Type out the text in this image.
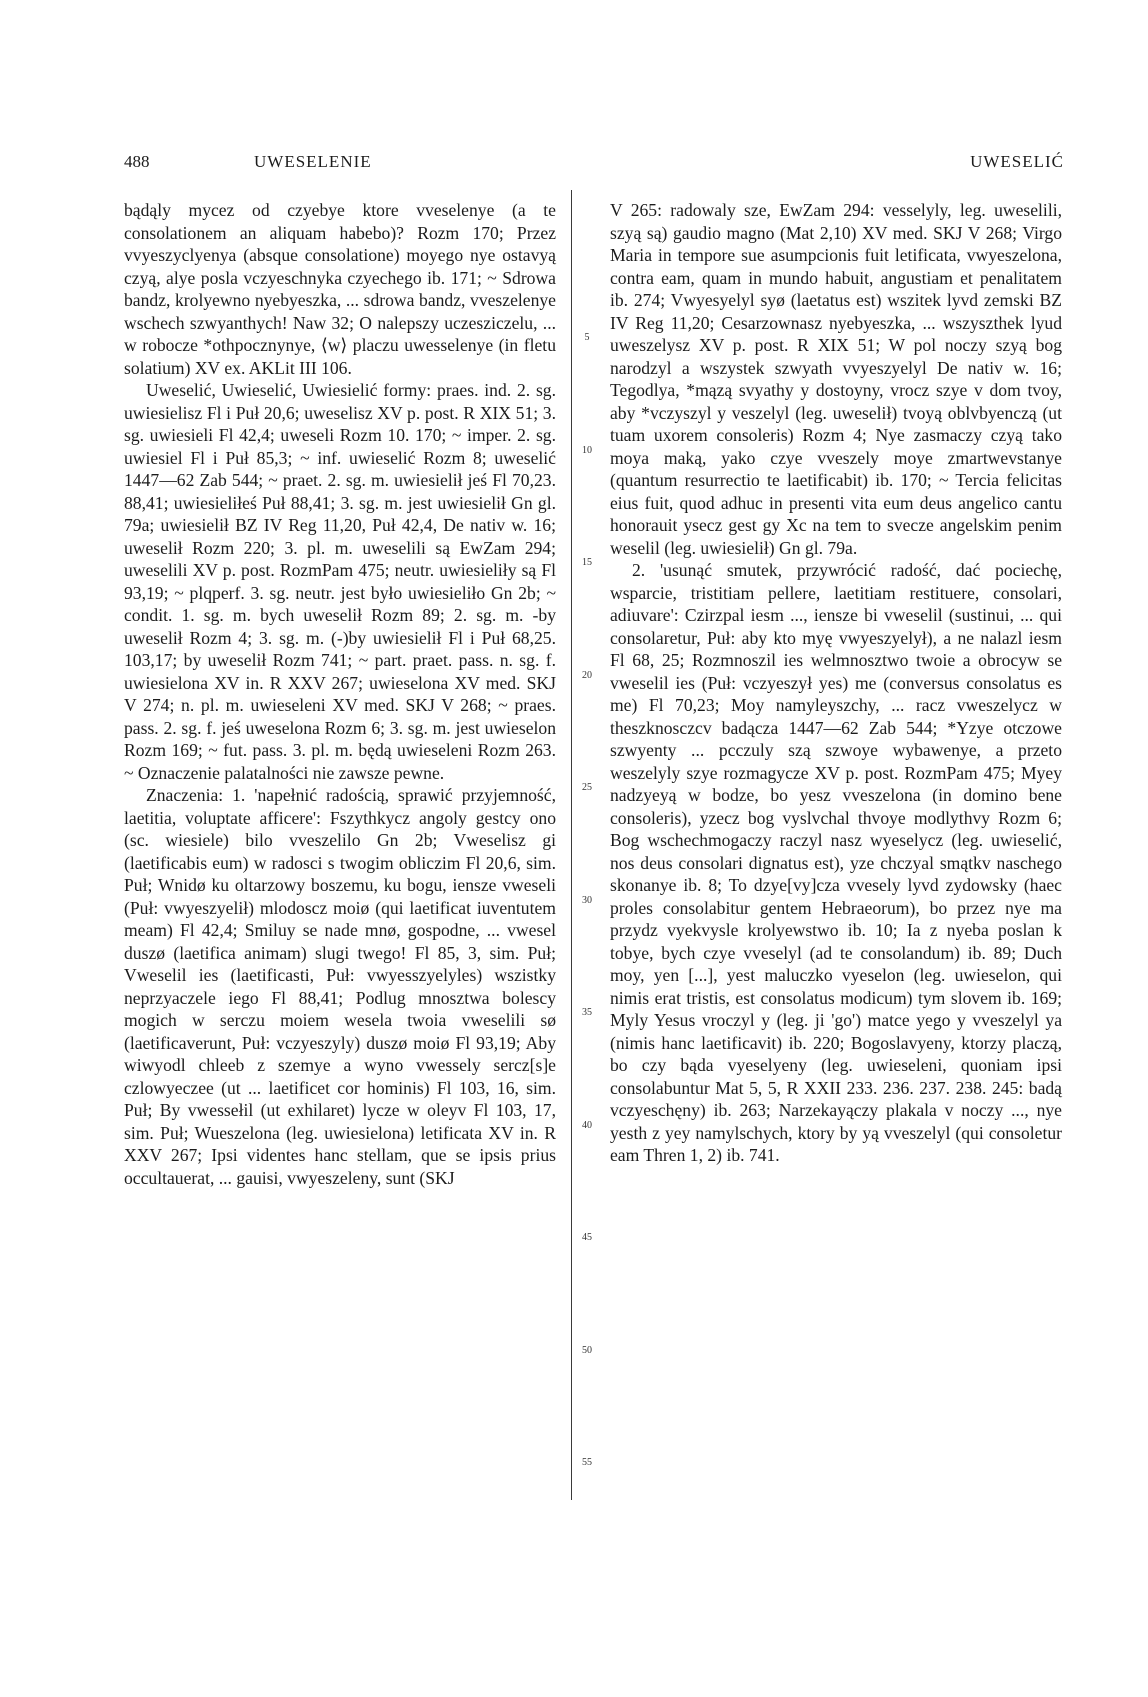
488	UWESELENIE	UWESELIĆ

bądąly mycez od czyebye ktore vveselenye (a te consolationem an aliquam habebo)? Rozm 170; Przez vvyeszyclyenya (absque consolatione) moyego nye ostavyą czyą, alye posla vczyeschnyka czyechego ib. 171; ~ Sdrowa bandz, krolyewno nyebyeszka, ... sdrowa bandz, vveszelenye wschech szwyanthych! Naw 32; O nalepszy uczesziczelu, ... w robocze *othpocznynye, ⟨w⟩ placzu uwesselenye (in fletu solatium) XV ex. AKLit III 106.

Uweselić, Uwieselić, Uwiesielić formy: praes. ind. 2. sg. uwiesielisz Fl i Puł 20,6; uweselisz XV p. post. R XIX 51; 3. sg. uwiesieli Fl 42,4; uweseli Rozm 10. 170; ~ imper. 2. sg. uwiesiel Fl i Puł 85,3; ~ inf. uwieselić Rozm 8; uweselić 1447—62 Zab 544; ~ praet. 2. sg. m. uwiesielił jeś Fl 70,23. 88,41; uwiesieliłeś Puł 88,41; 3. sg. m. jest uwiesielił Gn gl. 79a; uwiesielił BZ IV Reg 11,20, Puł 42,4, De nativ w. 16; uweselił Rozm 220; 3. pl. m. uweselili są EwZam 294; uweselili XV p. post. RozmPam 475; neutr. uwiesieliły są Fl 93,19; ~ plqperf. 3. sg. neutr. jest było uwiesieliło Gn 2b; ~ condit. 1. sg. m. bych uweselił Rozm 89; 2. sg. m. -by uweselił Rozm 4; 3. sg. m. (-)by uwiesielił Fl i Puł 68,25. 103,17; by uweselił Rozm 741; ~ part. praet. pass. n. sg. f. uwiesielona XV in. R XXV 267; uwieselona XV med. SKJ V 274; n. pl. m. uwieseleni XV med. SKJ V 268; ~ praes. pass. 2. sg. f. jeś uweselona Rozm 6; 3. sg. m. jest uwieselon Rozm 169; ~ fut. pass. 3. pl. m. będą uwieseleni Rozm 263. ~ Oznaczenie palatalności nie zawsze pewne.

Znaczenia: 1. 'napełnić radością, sprawić przyjemność, laetitia, voluptate afficere': Fszythkycz angoly gestcy ono (sc. wiesiele) bilo vveszelilo Gn 2b; Vweselisz gi (laetificabis eum) w radosci s twogim obliczim Fl 20,6, sim. Puł; Wnidø ku oltarzowy boszemu, ku bogu, iensze vweseli (Puł: vwyeszyelił) mlodoscz moiø (qui laetificat iuventutem meam) Fl 42,4; Smiluy se nade mnø, gospodne, ... vwesel duszø (laetifica animam) slugi twego! Fl 85, 3, sim. Puł; Vweselil ies (laetificasti, Puł: vwyesszyelyles) wszistky neprzyaczele iego Fl 88,41; Podlug mnosztwa bolescy mogich w serczu moiem wesela twoia vweselili sø (laetificaverunt, Puł: vczyeszyly) duszø moiø Fl 93,19; Aby wiwyodl chleeb z szemye a wyno vwessely sercz[s]e czlowyeczee (ut ... laetificet cor hominis) Fl 103, 16, sim. Puł; By vwessełil (ut exhilaret) lycze w oleyv Fl 103, 17, sim. Puł; Wueszelona (leg. uwiesielona) letificata XV in. R XXV 267; Ipsi videntes hanc stellam, que se ipsis prius occultauerat, ... gauisi, vwyeszeleny, sunt (SKJ

5
10
15
20
25
30
35
40
45
50
55

V 265: radowaly sze, EwZam 294: vesselyly, leg. uweselili, szyą są) gaudio magno (Mat 2,10) XV med. SKJ V 268; Virgo Maria in tempore sue asumpcionis fuit letificata, vwyeszelona, contra eam, quam in mundo habuit, angustiam et penalitatem ib. 274; Vwyesyelyl syø (laetatus est) wszitek lyvd zemski BZ IV Reg 11,20; Cesarzownasz nyebyeszka, ... wszyszthek lyud uweszelysz XV p. post. R XIX 51; W pol noczy szyą bog narodzyl a wszystek szwyath vvyeszyelyl De nativ w. 16; Tegodlya, *mązą svyathy y dostoyny, vrocz szye v dom tvoy, aby *vczyszyl y veszelyl (leg. uweselił) tvoyą oblvbyenczą (ut tuam uxorem consoleris) Rozm 4; Nye zasmaczy czyą tako moya maką, yako czye vveszely moye zmartwevstanye (quantum resurrectio te laetificabit) ib. 170; ~ Tercia felicitas eius fuit, quod adhuc in presenti vita eum deus angelico cantu honorauit ysecz gest gy Xc na tem to svecze angelskim penim weselil (leg. uwiesielił) Gn gl. 79a.

2. 'usunąć smutek, przywrócić radość, dać pociechę, wsparcie, tristitiam pellere, laetitiam restituere, consolari, adiuvare': Czirzpal iesm ..., iensze bi vweselil (sustinui, ... qui consolaretur, Puł: aby kto myę vwyeszyelył), a ne nalazl iesm Fl 68, 25; Rozmnoszil ies welmnosztwo twoie a obrocyw se vweselil ies (Puł: vczyeszył yes) me (conversus consolatus es me) Fl 70,23; Moy namyleyszchy, ... racz vweszelycz w theszknosczcv badącza 1447—62 Zab 544; *Yzye otczowe szwyenty ... pcczuly szą szwoye wybawenye, a przeto weszelyly szye rozmagycze XV p. post. RozmPam 475; Myey nadzyeyą w bodze, bo yesz vveszelona (in domino bene consoleris), yzecz bog vyslvchal thvoye modlythvy Rozm 6; Bog wschechmogaczy raczyl nasz wyeselycz (leg. uwieselić, nos deus consolari dignatus est), yze chczyal smątkv naschego skonanye ib. 8; To dzye[vy]cza vvesely lyvd zydowsky (haec proles consolabitur gentem Hebraeorum), bo przez nye ma przydz vyekvysle krolyewstwo ib. 10; Ia z nyeba poslan k tobye, bych czye vveselyl (ad te consolandum) ib. 89; Duch moy, yen [...], yest maluczko vyeselon (leg. uwieselon, qui nimis erat tristis, est consolatus modicum) tym slovem ib. 169; Myly Yesus vroczyl y (leg. ji 'go') matce yego y vveszelyl ya (nimis hanc laetificavit) ib. 220; Bogoslavyeny, ktorzy placzą, bo czy bąda vyeselyeny (leg. uwieseleni, quoniam ipsi consolabuntur Mat 5, 5, R XXII 233. 236. 237. 238. 245: badą vczyeschęny) ib. 263; Narzekayączy plakala v noczy ..., nye yesth z yey namylschych, ktory by yą vveszelyl (qui consoletur eam Thren 1, 2) ib. 741.
